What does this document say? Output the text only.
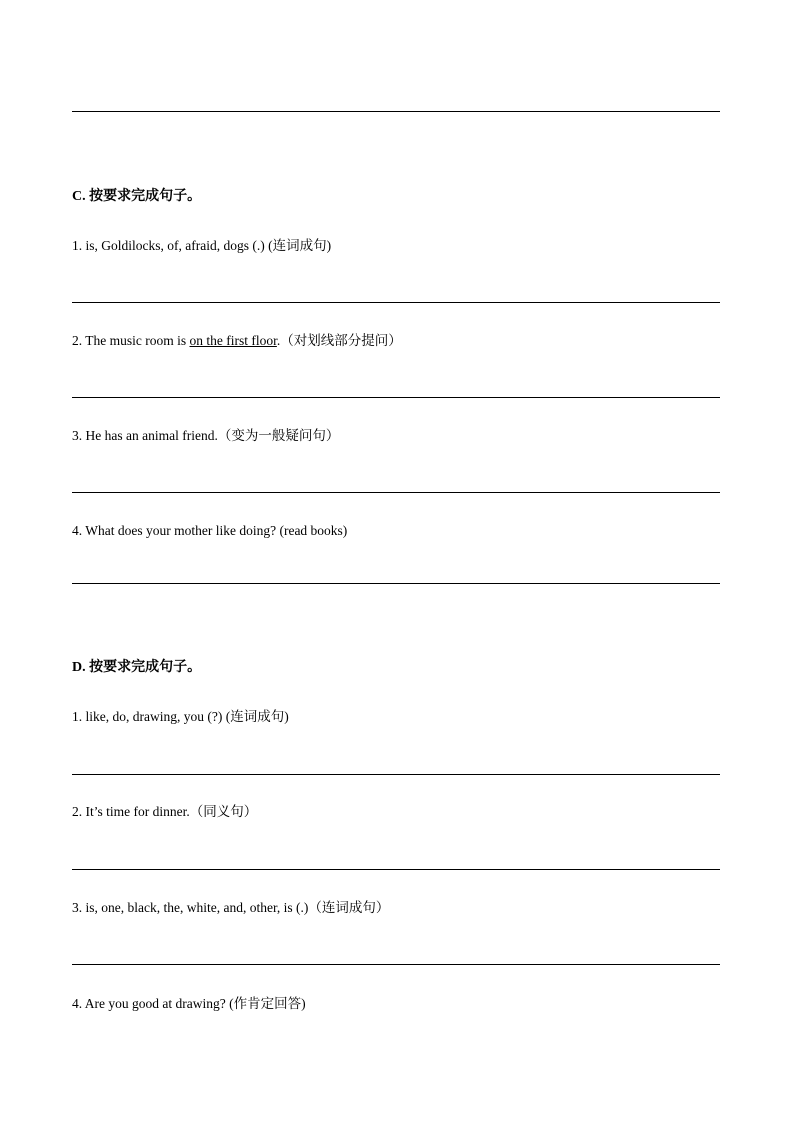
C. 按要求完成句子。
1. is, Goldilocks, of, afraid, dogs (.) (连词成句)
2. The music room is on the first floor.（对划线部分提问）
3. He has an animal friend.（变为一般疑问句）
4. What does your mother like doing? (read books)
D. 按要求完成句子。
1. like, do, drawing, you (?) (连词成句)
2. It’s time for dinner.（同义句）
3. is, one, black, the, white, and, other, is (.)（连词成句）
4. Are you good at drawing? (作肯定回答)
